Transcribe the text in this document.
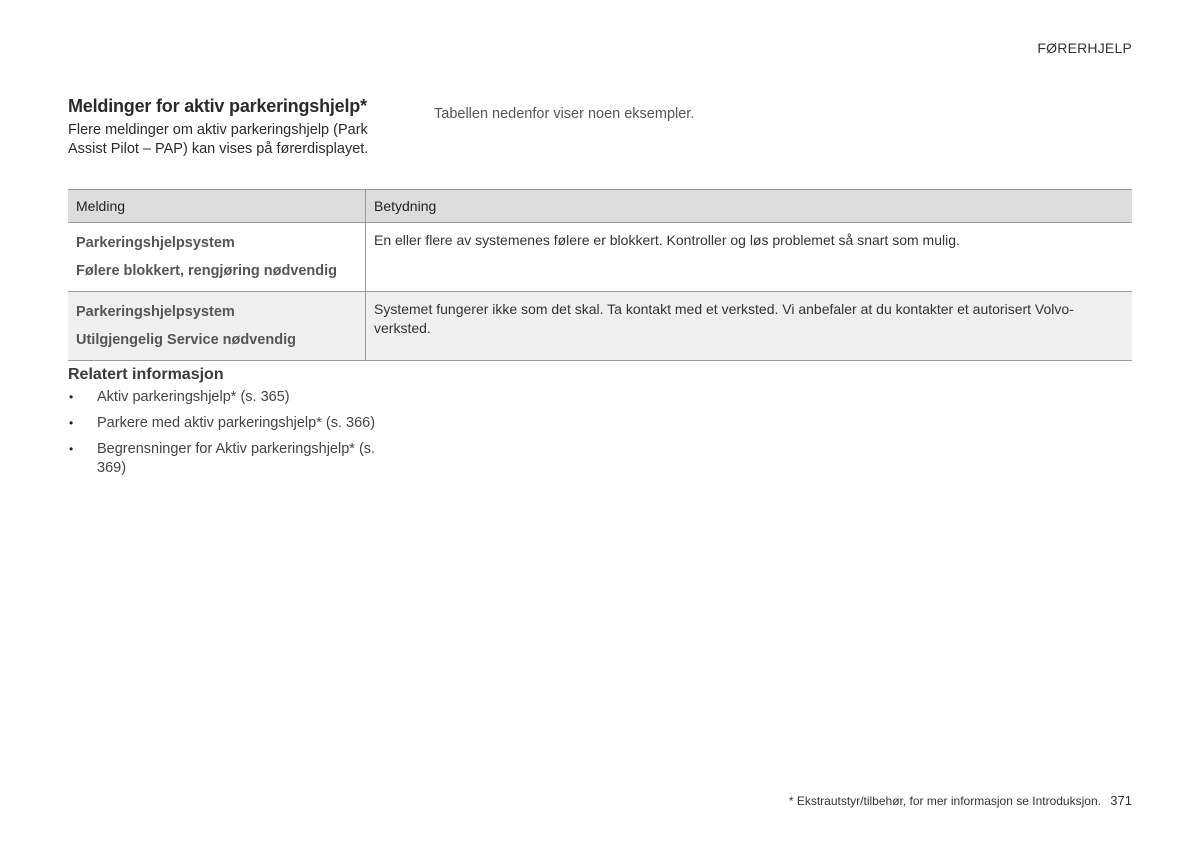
FØRERHJELP
Meldinger for aktiv parkeringshjelp*

Flere meldinger om aktiv parkeringshjelp (Park Assist Pilot – PAP) kan vises på førerdisplayet.

Tabellen nedenfor viser noen eksempler.

Melding	Betydning

Parkeringshjelpsystem
Følere blokkert, rengjøring nødvendig	En eller flere av systemenes følere er blokkert. Kontroller og løs problemet så snart som mulig.

Parkeringshjelpsystem
Utilgjengelig Service nødvendig	Systemet fungerer ikke som det skal. Ta kontakt med et verksted. Vi anbefaler at du kontakter et autorisert Volvo-verksted.
Relatert informasjon
• Aktiv parkeringshjelp* (s. 365)
• Parkere med aktiv parkeringshjelp* (s. 366)
• Begrensninger for Aktiv parkeringshjelp* (s. 369)
* Ekstrautstyr/tilbehør, for mer informasjon se Introduksjon. 371
